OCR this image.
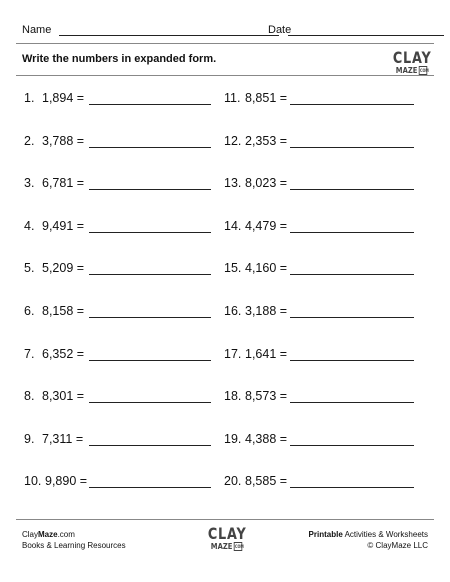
Name	Date
Write the numbers in expanded form.	CLAY
MAZE COM
1. 1,894 =
2. 3,788 =
3. 6,781 =
4. 9,491 =
5. 5,209 =
6. 8,158 =
7. 6,352 =
8. 8,301 =
9. 7,311 =
10. 9,890 =
11. 8,851 =
12. 2,353 =
13. 8,023 =
14. 4,479 =
15. 4,160 =
16. 3,188 =
17. 1,641 =
18. 8,573 =
19. 4,388 =
20. 8,585 =
ClayMaze.com
Books & Learning Resources
CLAY
MAZE COM
Printable Activities & Worksheets
© ClayMaze LLC
